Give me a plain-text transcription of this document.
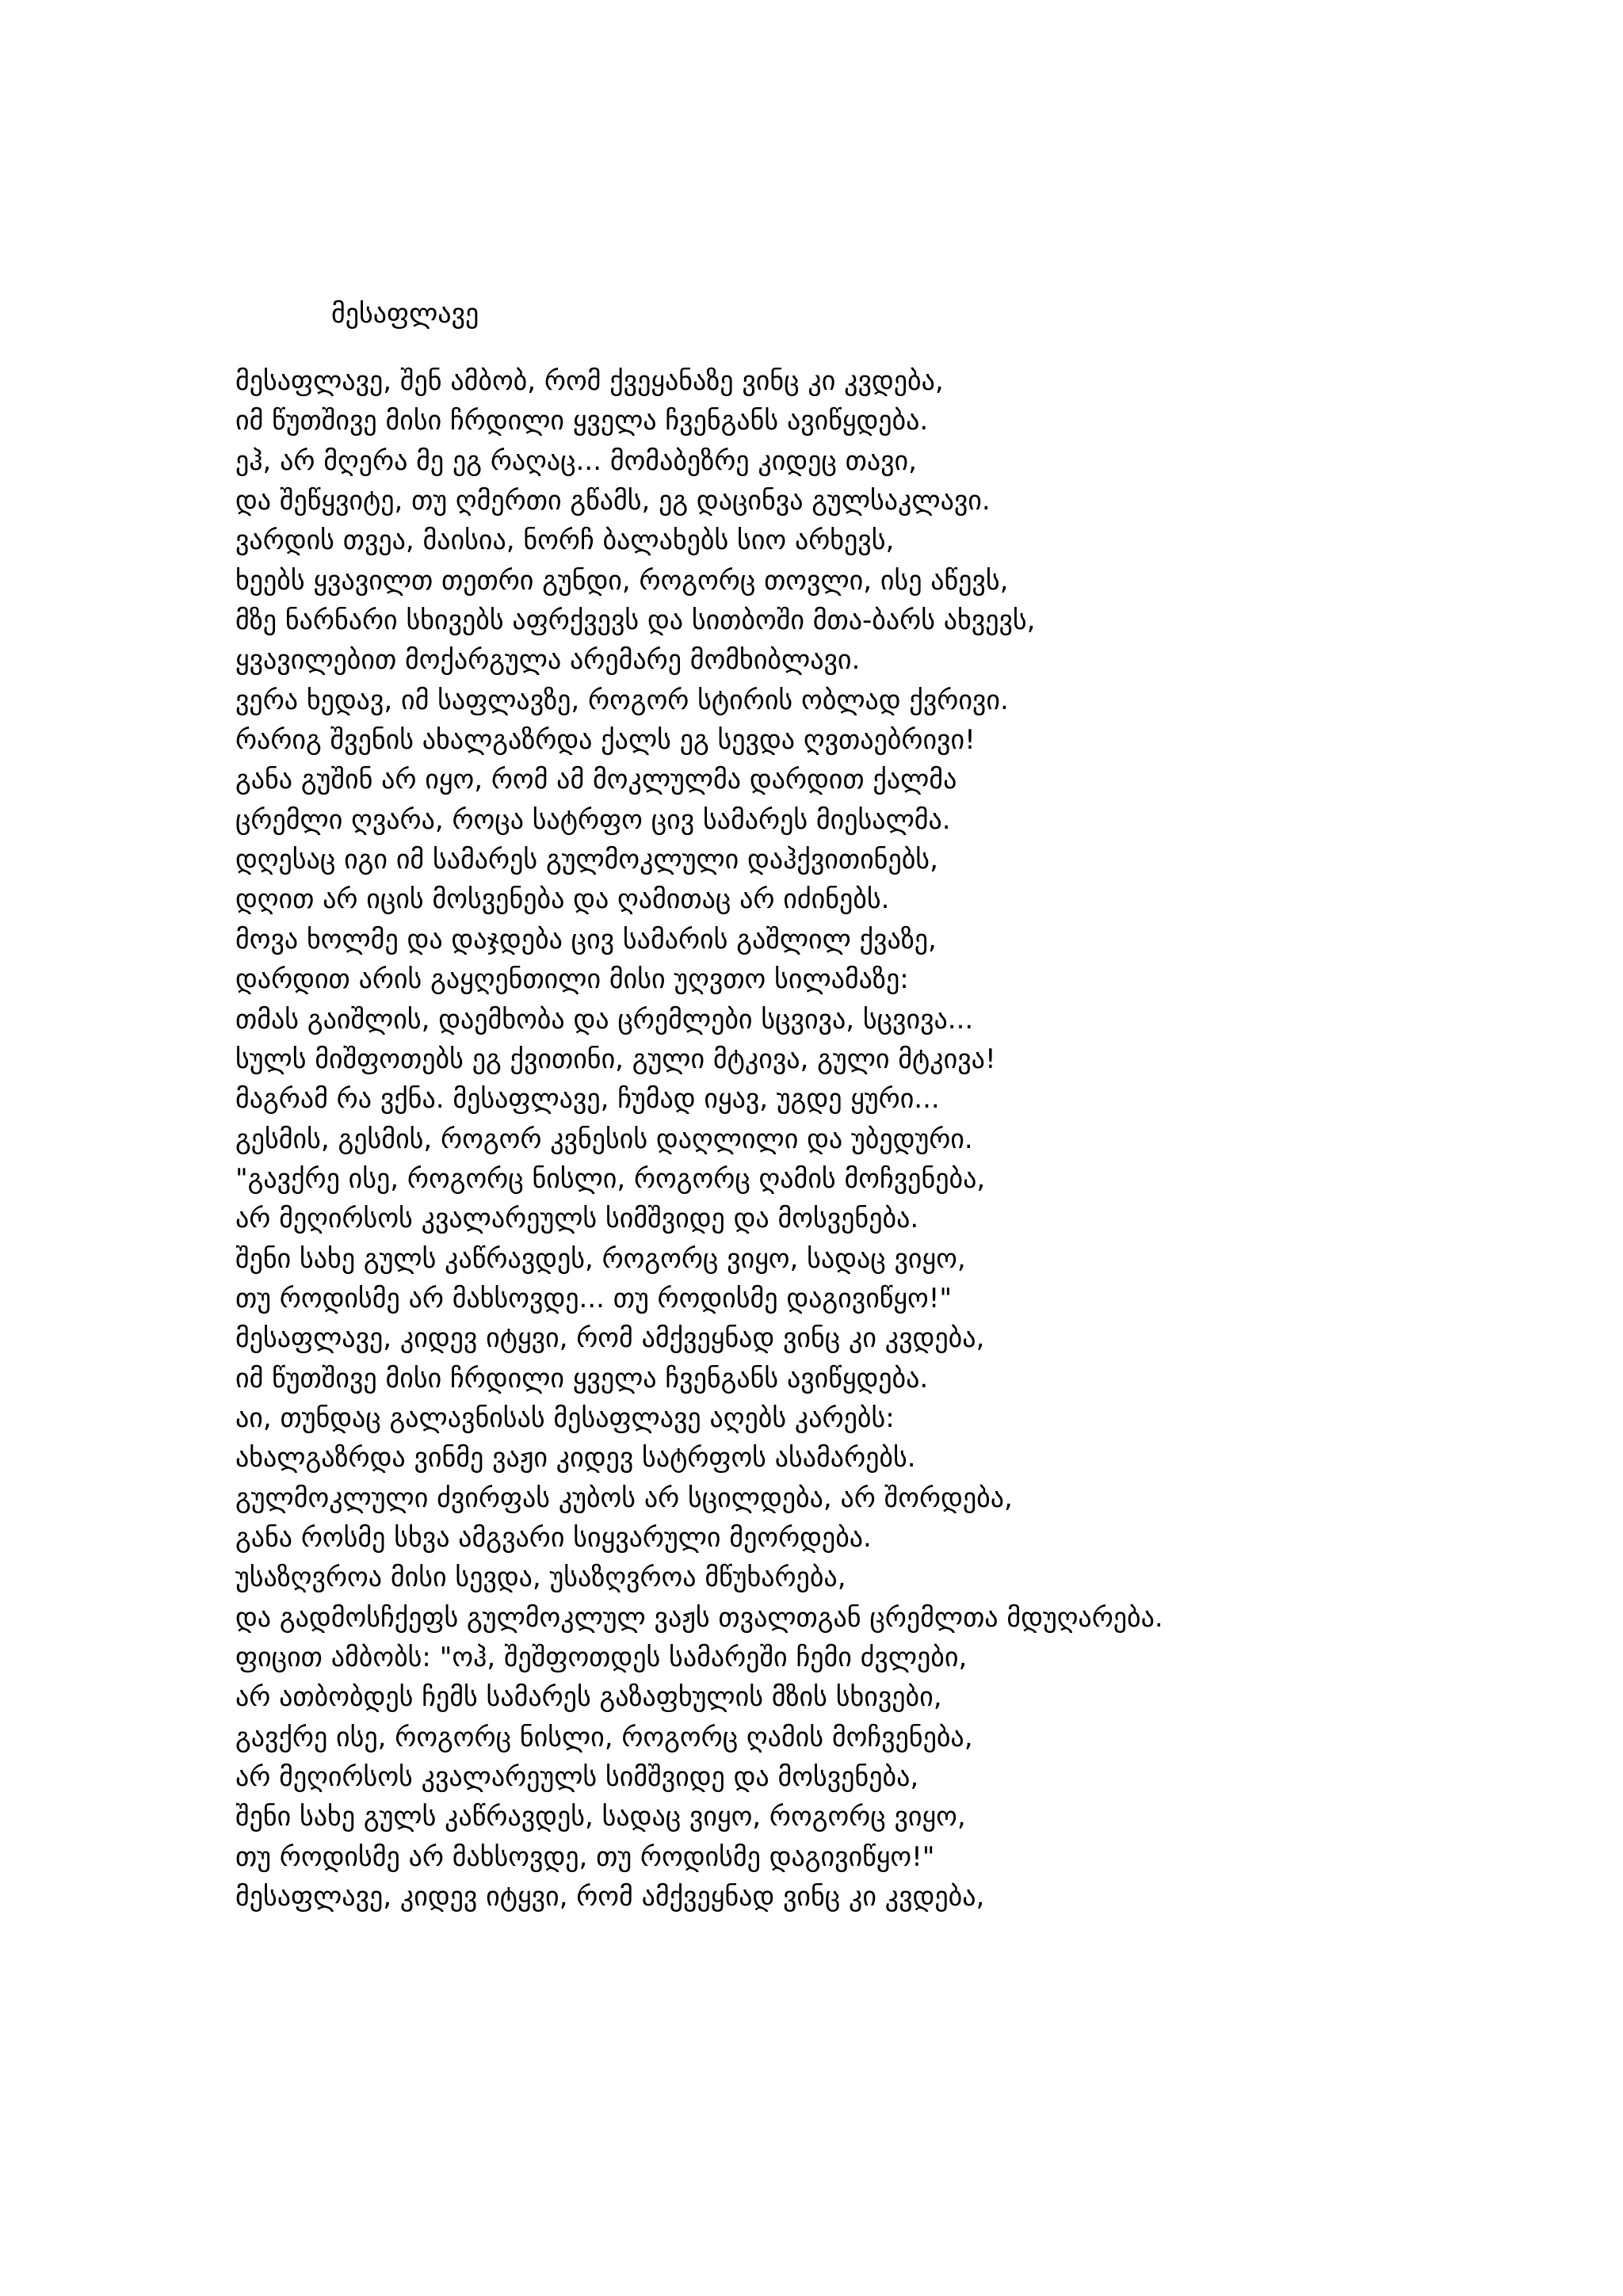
მესაფლავე
მესაფლავე, შენ ამბობ, რომ ქვეყანაზე ვინც კი კვდება,
იმ წუთშივე მისი ჩრდილი ყველა ჩვენგანს ავიწყდება.
ეჰ, არ მღერა მე ეგ რაღაც... მომაბეზრე კიდეც თავი,
და შეწყვიტე, თუ ღმერთი გწამს, ეგ დაცინვა გულსაკლავი.
ვარდის თვეა, მაისია, ნორჩ ბალახებს სიო არხევს,
ხეებს ყვავილთ თეთრი გუნდი, როგორც თოვლი, ისე აწევს,
მზე ნარნარი სხივებს აფრქვევს და სითბოში მთა-ბარს ახვევს,
ყვავილებით მოქარგულა არემარე მომხიბლავი.
ვერა ხედავ, იმ საფლავზე, როგორ სტირის ობლად ქვრივი.
რარიგ შვენის ახალგაზრდა ქალს ეგ სევდა ღვთაებრივი!
განა გუშინ არ იყო, რომ ამ მოკლულმა დარდით ქალმა
ცრემლი ღვარა, როცა სატრფო ცივ სამარეს მიესალმა.
დღესაც იგი იმ სამარეს გულმოკლული დაჰქვითინებს,
დღით არ იცის მოსვენება და ღამითაც არ იძინებს.
მოვა ხოლმე და დაჯდება ცივ სამარის გაშლილ ქვაზე,
დარდით არის გაყღენთილი მისი უღვთო სილამაზე:
თმას გაიშლის, დაემხობა და ცრემლები სცვივა, სცვივა...
სულს მიშფოთებს ეგ ქვითინი, გული მტკივა, გული მტკივა!
მაგრამ რა ვქნა. მესაფლავე, ჩუმად იყავ, უგდე ყური...
გესმის, გესმის, როგორ კვნესის დაღლილი და უბედური.
"გავქრე ისე, როგორც ნისლი, როგორც ღამის მოჩვენება,
არ მეღირსოს კვალარეულს სიმშვიდე და მოსვენება.
შენი სახე გულს კაწრავდეს, როგორც ვიყო, სადაც ვიყო,
თუ როდისმე არ მახსოვდე... თუ როდისმე დაგივიწყო!"
მესაფლავე, კიდევ იტყვი, რომ ამქვეყნად ვინც კი კვდება,
იმ წუთშივე მისი ჩრდილი ყველა ჩვენგანს ავიწყდება.
აი, თუნდაც გალავნისას მესაფლავე აღებს კარებს:
ახალგაზრდა ვინმე ვაჟი კიდევ სატრფოს ასამარებს.
გულმოკლული ძვირფას კუბოს არ სცილდება, არ შორდება,
განა როსმე სხვა ამგვარი სიყვარული მეორდება.
უსაზღვროა მისი სევდა, უსაზღვროა მწუხარება,
და გადმოსჩქეფს გულმოკლულ ვაჟს თვალთგან ცრემლთა მდუღარება.
ფიცით ამბობს: "ოჰ, შეშფოთდეს სამარეში ჩემი ძვლები,
არ ათბობდეს ჩემს სამარეს გაზაფხულის მზის სხივები,
გავქრე ისე, როგორც ნისლი, როგორც ღამის მოჩვენება,
არ მეღირსოს კვალარეულს სიმშვიდე და მოსვენება,
შენი სახე გულს კაწრავდეს, სადაც ვიყო, როგორც ვიყო,
თუ როდისმე არ მახსოვდე, თუ როდისმე დაგივიწყო!"
მესაფლავე, კიდევ იტყვი, რომ ამქვეყნად ვინც კი კვდება,
